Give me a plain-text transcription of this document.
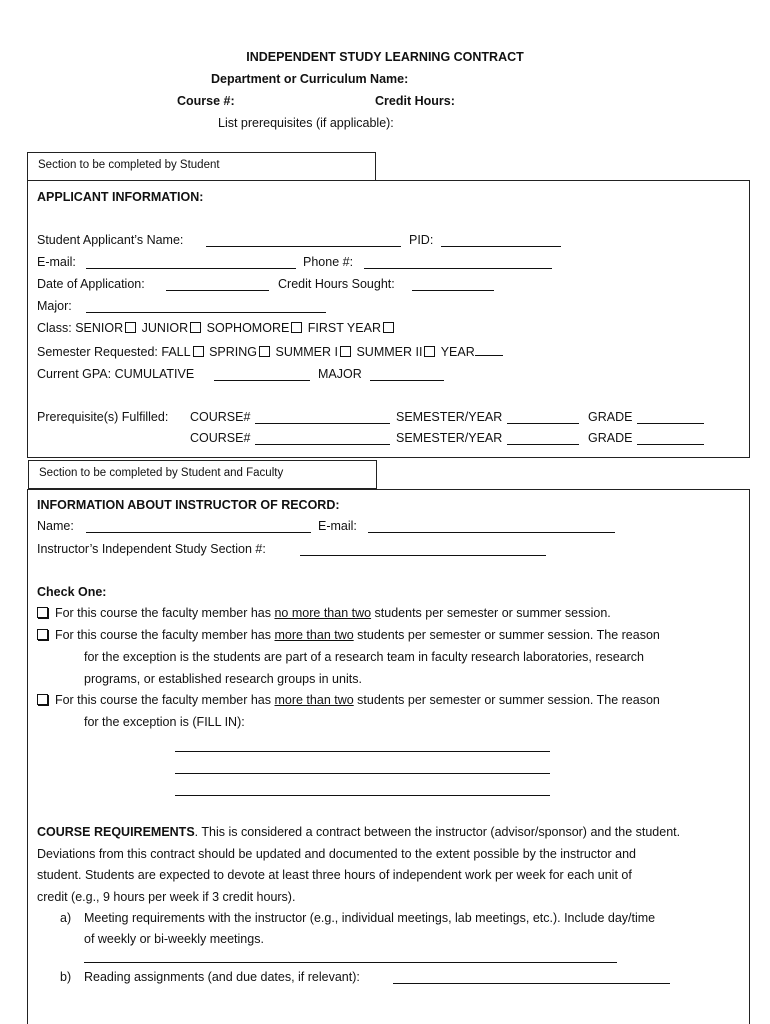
INDEPENDENT STUDY LEARNING CONTRACT
Department or Curriculum Name:
Course #:	Credit Hours:
List prerequisites (if applicable):
Section to be completed by Student
APPLICANT INFORMATION:
Student Applicant’s Name:	PID:
E-mail:	Phone #:
Date of Application:	Credit Hours Sought:
Major:
Class: SENIOR JUNIOR SOPHOMORE FIRST YEAR
Semester Requested: FALL SPRING SUMMER I SUMMER II YEAR
Current GPA: CUMULATIVE	MAJOR
Prerequisite(s) Fulfilled: COURSE#	SEMESTER/YEAR	GRADE
COURSE#	SEMESTER/YEAR	GRADE
Section to be completed by Student and Faculty
INFORMATION ABOUT INSTRUCTOR OF RECORD:
Name:	E-mail:
Instructor’s Independent Study Section #:
Check One:
For this course the faculty member has no more than two students per semester or summer session.
For this course the faculty member has more than two students per semester or summer session. The reason
for the exception is the students are part of a research team in faculty research laboratories, research
programs, or established research groups in units.
For this course the faculty member has more than two students per semester or summer session. The reason
for the exception is (FILL IN):
COURSE REQUIREMENTS. This is considered a contract between the instructor (advisor/sponsor) and the student.
Deviations from this contract should be updated and documented to the extent possible by the instructor and
student. Students are expected to devote at least three hours of independent work per week for each unit of
credit (e.g., 9 hours per week if 3 credit hours).
a) Meeting requirements with the instructor (e.g., individual meetings, lab meetings, etc.). Include day/time
of weekly or bi-weekly meetings.
b) Reading assignments (and due dates, if relevant):
